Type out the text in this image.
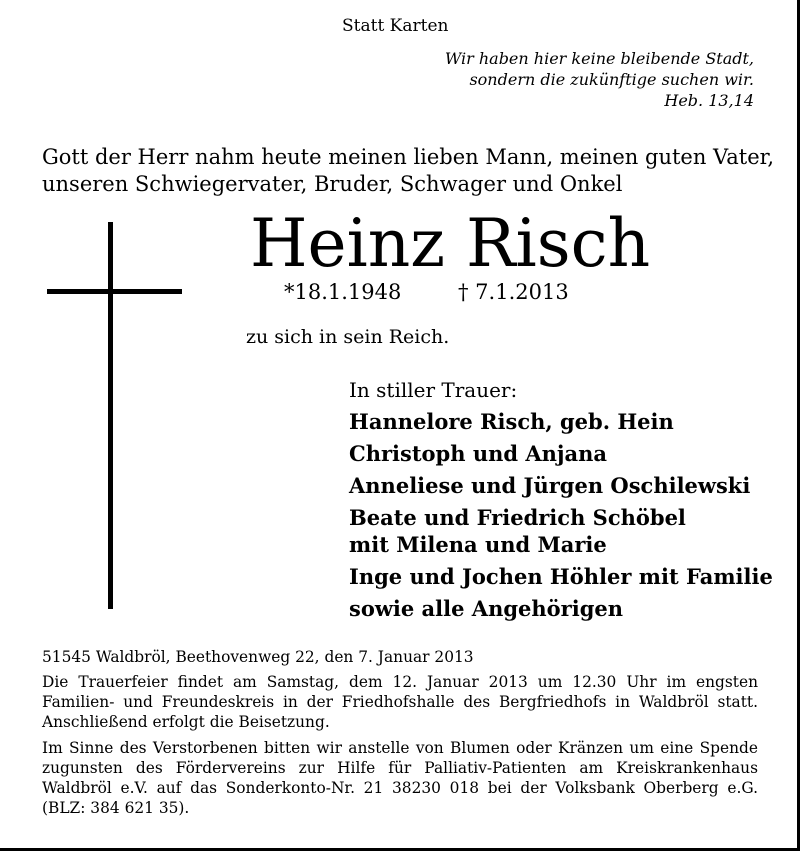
Statt Karten
Wir haben hier keine bleibende Stadt,
sondern die zukünftige suchen wir.
Heb. 13,14
Gott der Herr nahm heute meinen lieben Mann, meinen guten Vater,
unseren Schwiegervater, Bruder, Schwager und Onkel
Heinz Risch
*18.1.1948	† 7.1.2013
zu sich in sein Reich.
In stiller Trauer:
Hannelore Risch, geb. Hein
Christoph und Anjana
Anneliese und Jürgen Oschilewski
Beate und Friedrich Schöbel
mit Milena und Marie
Inge und Jochen Höhler mit Familie
sowie alle Angehörigen

51545 Waldbröl, Beethovenweg 22, den 7. Januar 2013

Die Trauerfeier findet am Samstag, dem 12. Januar 2013 um 12.30 Uhr im engsten Familien- und Freundeskreis in der Friedhofshalle des Bergfriedhofs in Waldbröl statt. Anschließend erfolgt die Beisetzung.

Im Sinne des Verstorbenen bitten wir anstelle von Blumen oder Kränzen um eine Spende zugunsten des Fördervereins zur Hilfe für Palliativ-Patienten am Kreiskrankenhaus Waldbröl e.V. auf das Sonderkonto-Nr. 21 38230 018 bei der Volksbank Oberberg e.G. (BLZ: 384 621 35).
